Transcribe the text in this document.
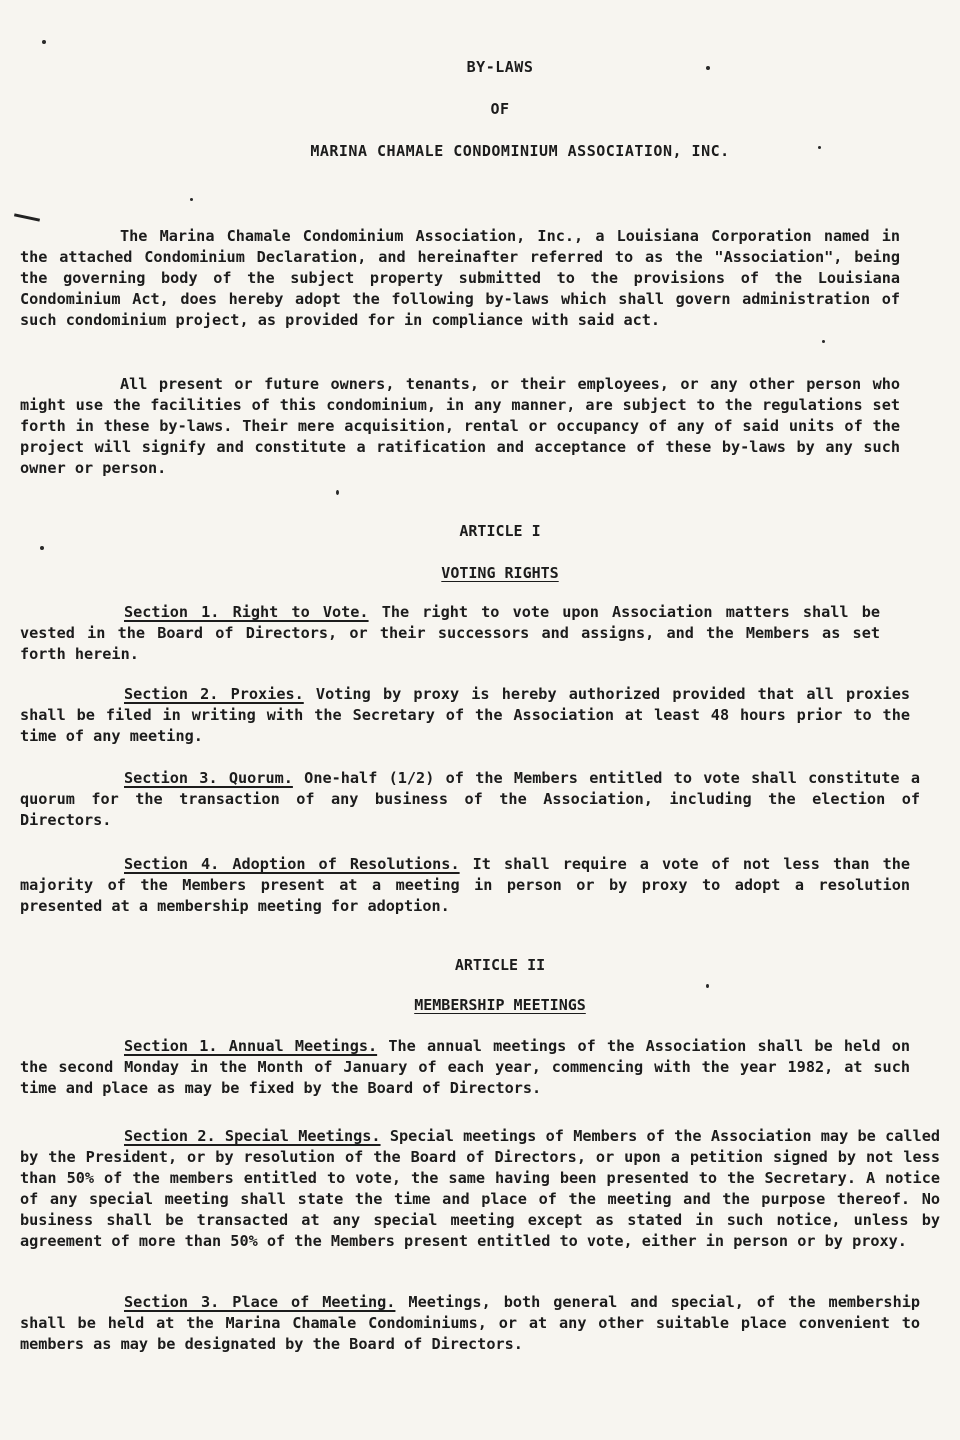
BY-LAWS
OF
MARINA CHAMALE CONDOMINIUM ASSOCIATION, INC.

The Marina Chamale Condominium Association, Inc., a Louisiana Corporation named in the attached Condominium Declaration, and hereinafter referred to as the "Association", being the governing body of the subject property submitted to the provisions of the Louisiana Condominium Act, does hereby adopt the following by-laws which shall govern administration of such condominium project, as provided for in compliance with said act.

All present or future owners, tenants, or their employees, or any other person who might use the facilities of this condominium, in any manner, are subject to the regulations set forth in these by-laws. Their mere acquisition, rental or occupancy of any of said units of the project will signify and constitute a ratification and acceptance of these by-laws by any such owner or person.

ARTICLE I
VOTING RIGHTS

Section 1. Right to Vote. The right to vote upon Association matters shall be vested in the Board of Directors, or their successors and assigns, and the Members as set forth herein.

Section 2. Proxies. Voting by proxy is hereby authorized provided that all proxies shall be filed in writing with the Secretary of the Association at least 48 hours prior to the time of any meeting.

Section 3. Quorum. One-half (1/2) of the Members entitled to vote shall constitute a quorum for the transaction of any business of the Association, including the election of Directors.

Section 4. Adoption of Resolutions. It shall require a vote of not less than the majority of the Members present at a meeting in person or by proxy to adopt a resolution presented at a membership meeting for adoption.

ARTICLE II
MEMBERSHIP MEETINGS

Section 1. Annual Meetings. The annual meetings of the Association shall be held on the second Monday in the Month of January of each year, commencing with the year 1982, at such time and place as may be fixed by the Board of Directors.

Section 2. Special Meetings. Special meetings of Members of the Association may be called by the President, or by resolution of the Board of Directors, or upon a petition signed by not less than 50% of the members entitled to vote, the same having been presented to the Secretary. A notice of any special meeting shall state the time and place of the meeting and the purpose thereof. No business shall be transacted at any special meeting except as stated in such notice, unless by agreement of more than 50% of the Members present entitled to vote, either in person or by proxy.

Section 3. Place of Meeting. Meetings, both general and special, of the membership shall be held at the Marina Chamale Condominiums, or at any other suitable place convenient to members as may be designated by the Board of Directors.
